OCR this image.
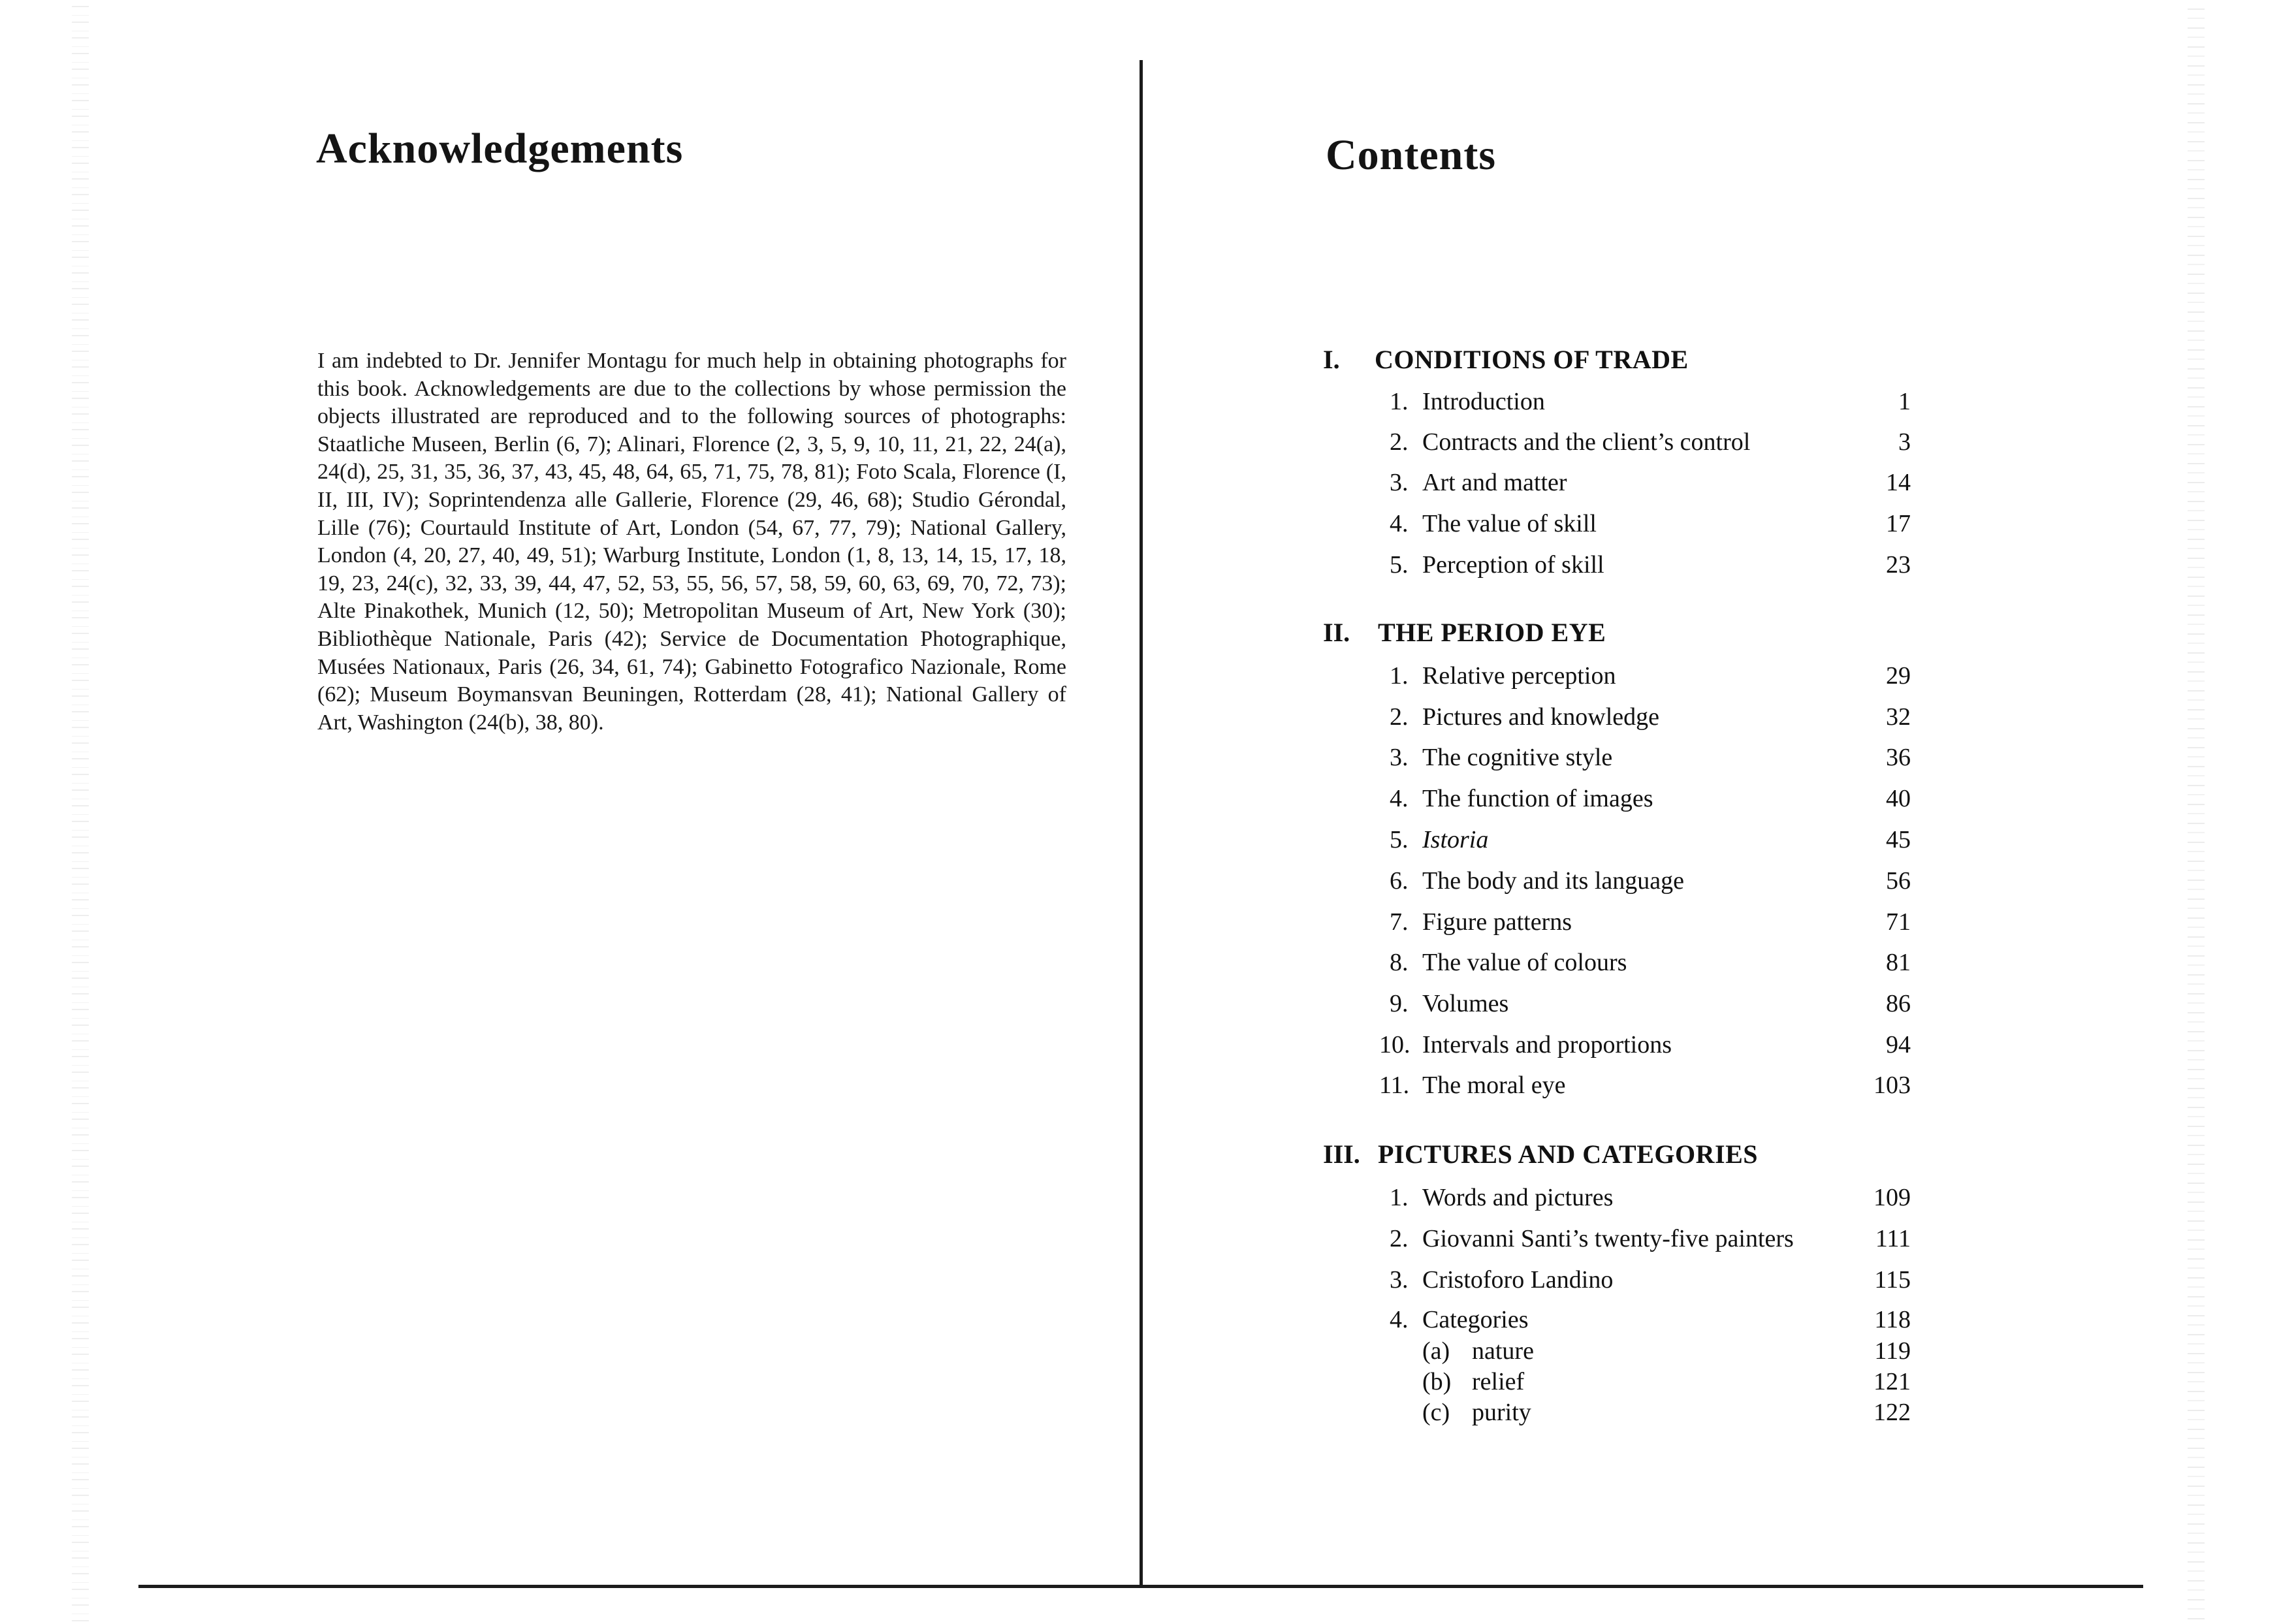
Acknowledgements

I am indebted to Dr. Jennifer Montagu for much help in obtaining photographs for this book. Acknowledgements are due to the collections by whose permission the objects illustrated are reproduced and to the following sources of photographs: Staatliche Museen, Berlin (6, 7); Alinari, Florence (2, 3, 5, 9, 10, 11, 21, 22, 24(a), 24(d), 25, 31, 35, 36, 37, 43, 45, 48, 64, 65, 71, 75, 78, 81); Foto Scala, Florence (I, II, III, IV); Soprintendenza alle Gallerie, Florence (29, 46, 68); Studio Gérondal, Lille (76); Courtauld Institute of Art, London (54, 67, 77, 79); National Gallery, London (4, 20, 27, 40, 49, 51); Warburg Institute, London (1, 8, 13, 14, 15, 17, 18, 19, 23, 24(c), 32, 33, 39, 44, 47, 52, 53, 55, 56, 57, 58, 59, 60, 63, 69, 70, 72, 73); Alte Pinakothek, Munich (12, 50); Metropolitan Museum of Art, New York (30); Bibliothèque Nationale, Paris (42); Service de Documentation Photographique, Musées Nationaux, Paris (26, 34, 61, 74); Gabinetto Fotografico Nazionale, Rome (62); Museum Boymansvan Beuningen, Rotterdam (28, 41); National Gallery of Art, Washington (24(b), 38, 80).

Contents
I. CONDITIONS OF TRADE
1. Introduction	1
2. Contracts and the client’s control	3
3. Art and matter	14
4. The value of skill	17
5. Perception of skill	23
II. THE PERIOD EYE
1. Relative perception	29
2. Pictures and knowledge	32
3. The cognitive style	36
4. The function of images	40
5. Istoria	45
6. The body and its language	56
7. Figure patterns	71
8. The value of colours	81
9. Volumes	86
10. Intervals and proportions	94
11. The moral eye	103
III. PICTURES AND CATEGORIES
1. Words and pictures	109
2. Giovanni Santi’s twenty-five painters	111
3. Cristoforo Landino	115
4. Categories	118
(a) nature	119
(b) relief	121
(c) purity	122
